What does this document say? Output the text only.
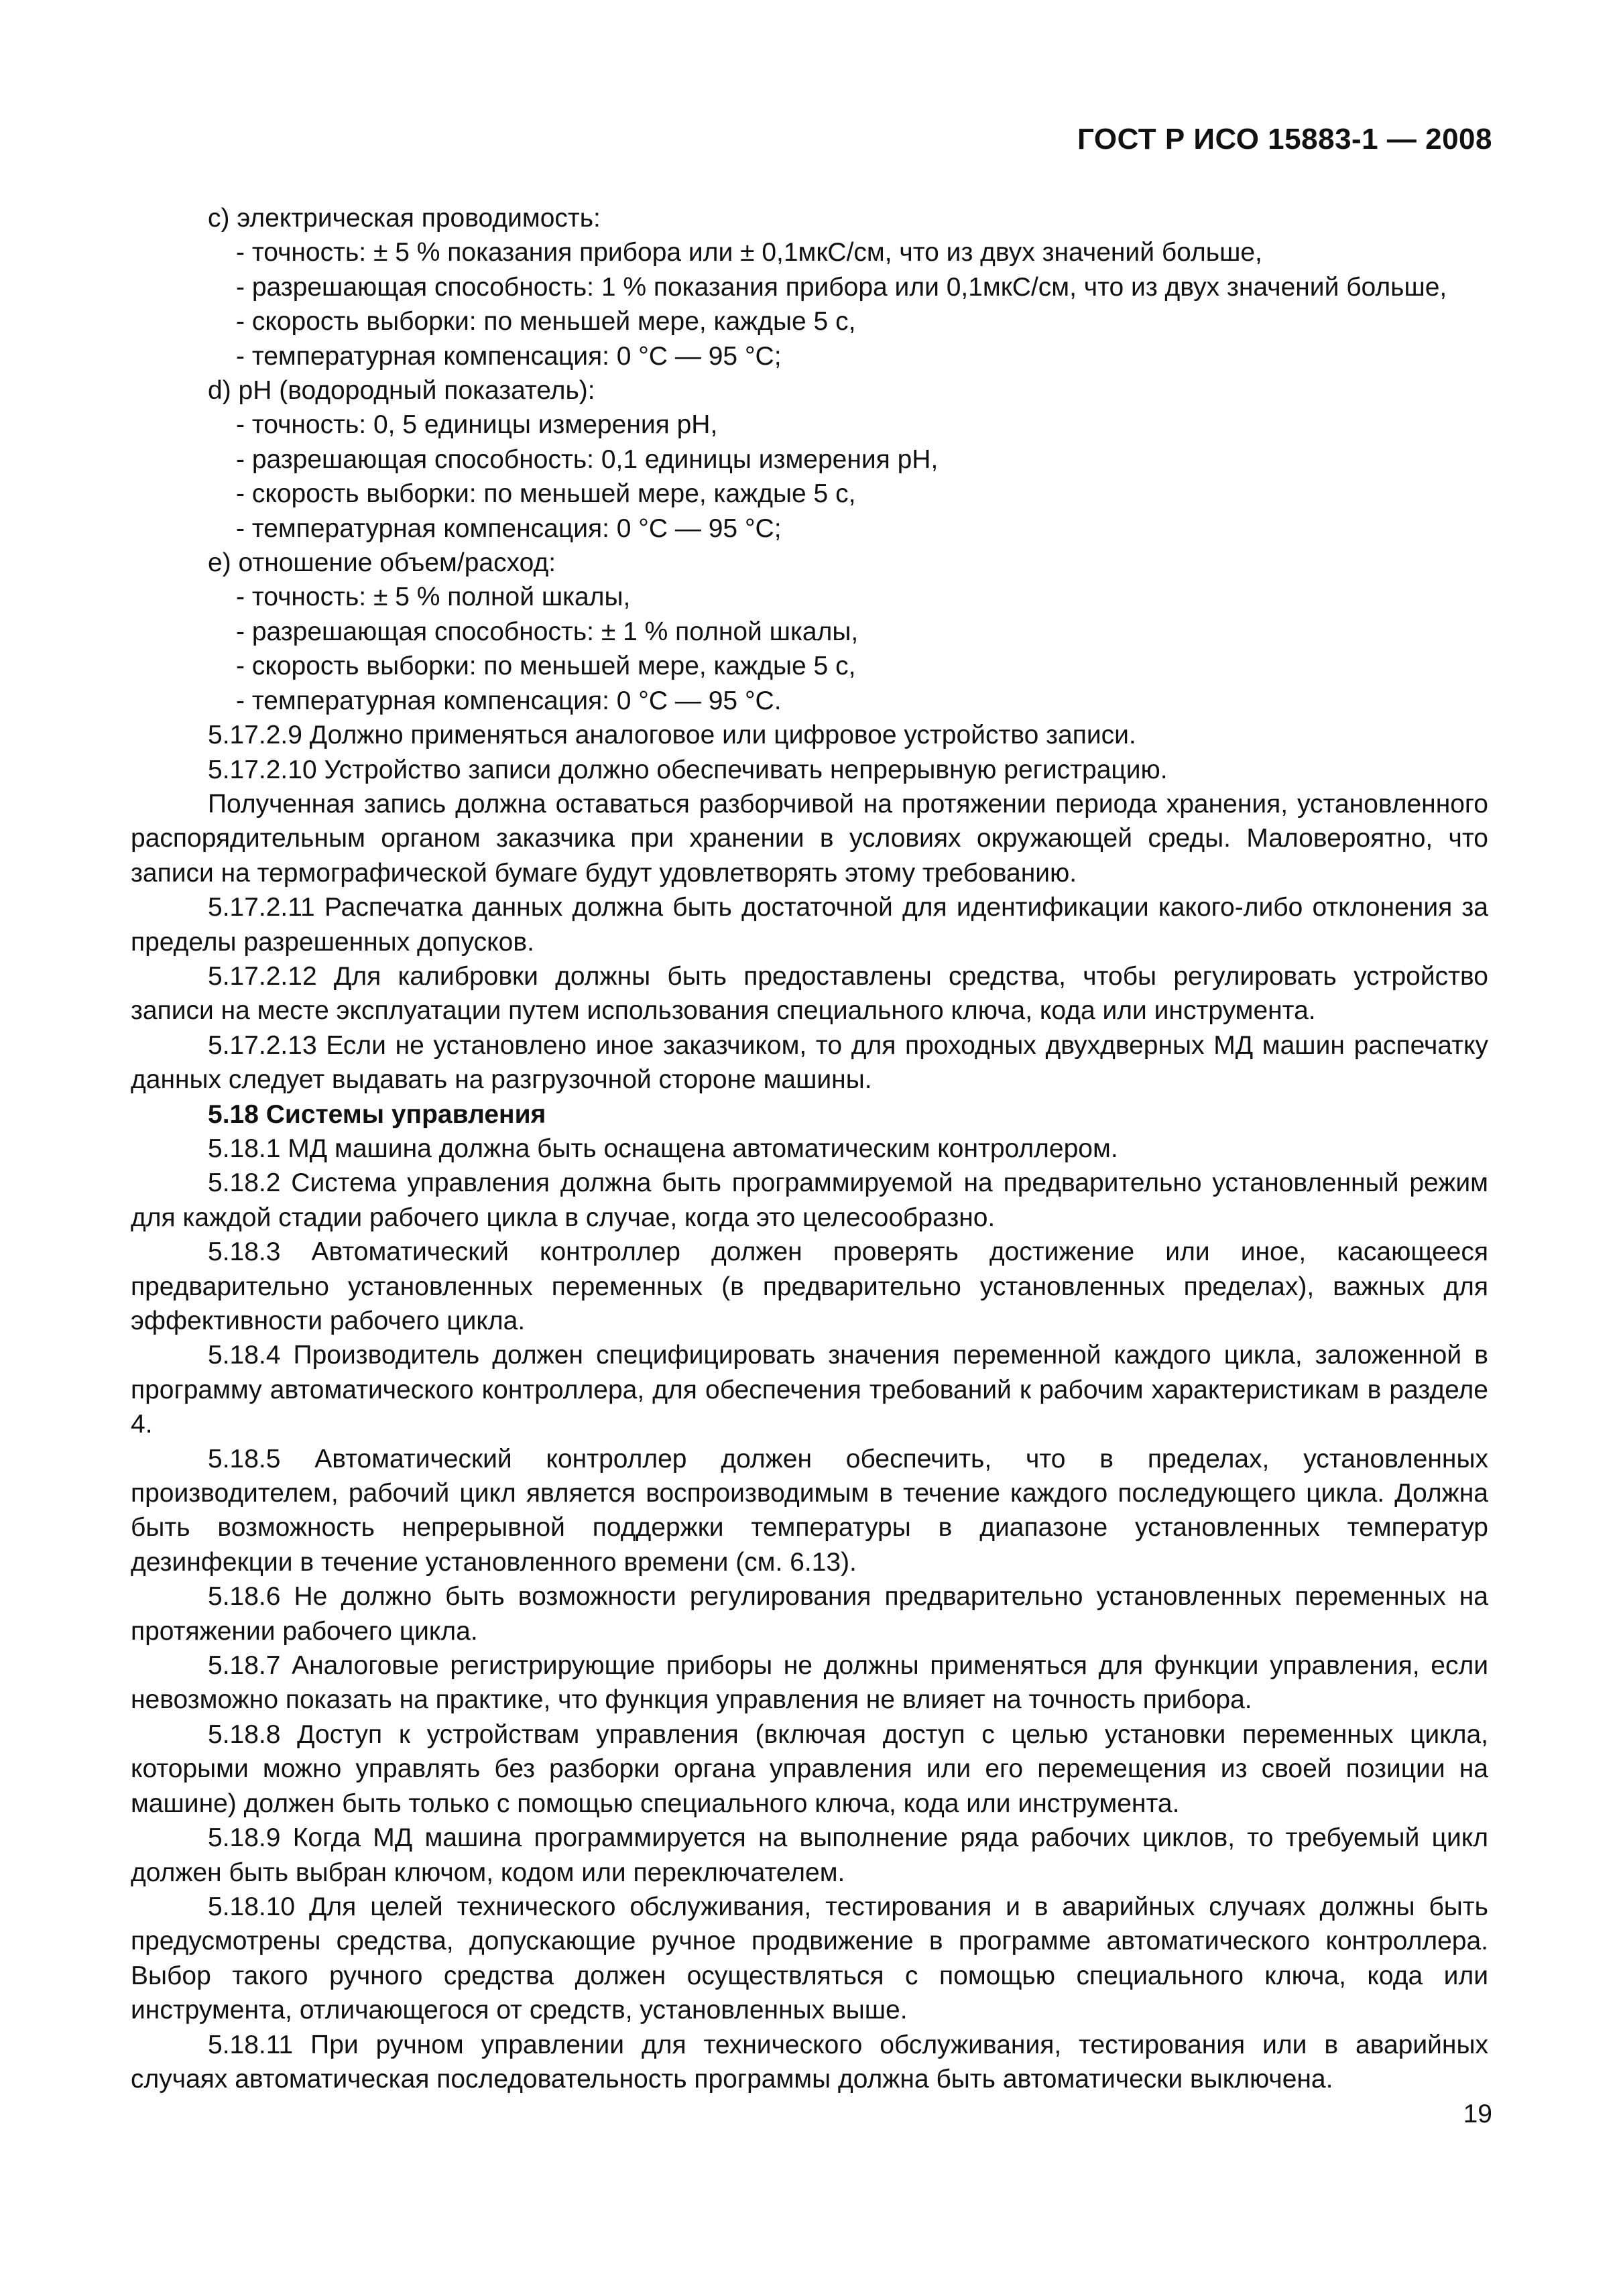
ГОСТ Р ИСО 15883-1 — 2008

c) электрическая проводимость:

- точность: ± 5 % показания прибора или ± 0,1мкС/см, что из двух значений больше,

- разрешающая способность: 1 % показания прибора или 0,1мкС/см, что из двух значений больше,

- скорость выборки: по меньшей мере, каждые 5 с,

- температурная компенсация: 0 °С — 95 °С;

d) рН (водородный показатель):

- точность: 0, 5 единицы измерения рН,

- разрешающая способность: 0,1 единицы измерения рН,

- скорость выборки: по меньшей мере, каждые 5 с,

- температурная компенсация: 0 °С — 95 °С;

e) отношение объем/расход:

- точность: ± 5 % полной шкалы,

- разрешающая способность: ± 1 % полной шкалы,

- скорость выборки: по меньшей мере, каждые 5 с,

- температурная компенсация: 0 °С — 95 °С.

5.17.2.9 Должно применяться аналоговое или цифровое устройство записи.

5.17.2.10 Устройство записи должно обеспечивать непрерывную регистрацию.

Полученная запись должна оставаться разборчивой на протяжении периода хранения, установленного распорядительным органом заказчика при хранении в условиях окружающей среды. Маловероятно, что записи на термографической бумаге будут удовлетворять этому требованию.

5.17.2.11 Распечатка данных должна быть достаточной для идентификации какого-либо отклонения за пределы разрешенных допусков.

5.17.2.12 Для калибровки должны быть предоставлены средства, чтобы регулировать устройство записи на месте эксплуатации путем использования специального ключа, кода или инструмента.

5.17.2.13 Если не установлено иное заказчиком, то для проходных двухдверных МД машин распечатку данных следует выдавать на разгрузочной стороне машины.

5.18 Системы управления

5.18.1 МД машина должна быть оснащена автоматическим контроллером.

5.18.2 Система управления должна быть программируемой на предварительно установленный режим для каждой стадии рабочего цикла в случае, когда это целесообразно.

5.18.3 Автоматический контроллер должен проверять достижение или иное, касающееся предварительно установленных переменных (в предварительно установленных пределах), важных для эффективности рабочего цикла.

5.18.4 Производитель должен специфицировать значения переменной каждого цикла, заложенной в программу автоматического контроллера, для обеспечения требований к рабочим характеристикам в разделе 4.

5.18.5 Автоматический контроллер должен обеспечить, что в пределах, установленных производителем, рабочий цикл является воспроизводимым в течение каждого последующего цикла. Должна быть возможность непрерывной поддержки температуры в диапазоне установленных температур дезинфекции в течение установленного времени (см. 6.13).

5.18.6 Не должно быть возможности регулирования предварительно установленных переменных на протяжении рабочего цикла.

5.18.7 Аналоговые регистрирующие приборы не должны применяться для функции управления, если невозможно показать на практике, что функция управления не влияет на точность прибора.

5.18.8 Доступ к устройствам управления (включая доступ с целью установки переменных цикла, которыми можно управлять без разборки органа управления или его перемещения из своей позиции на машине) должен быть только с помощью специального ключа, кода или инструмента.

5.18.9 Когда МД машина программируется на выполнение ряда рабочих циклов, то требуемый цикл должен быть выбран ключом, кодом или переключателем.

5.18.10 Для целей технического обслуживания, тестирования и в аварийных случаях должны быть предусмотрены средства, допускающие ручное продвижение в программе автоматического контроллера. Выбор такого ручного средства должен осуществляться с помощью специального ключа, кода или инструмента, отличающегося от средств, установленных выше.

5.18.11 При ручном управлении для технического обслуживания, тестирования или в аварийных случаях автоматическая последовательность программы должна быть автоматически выключена.

19
